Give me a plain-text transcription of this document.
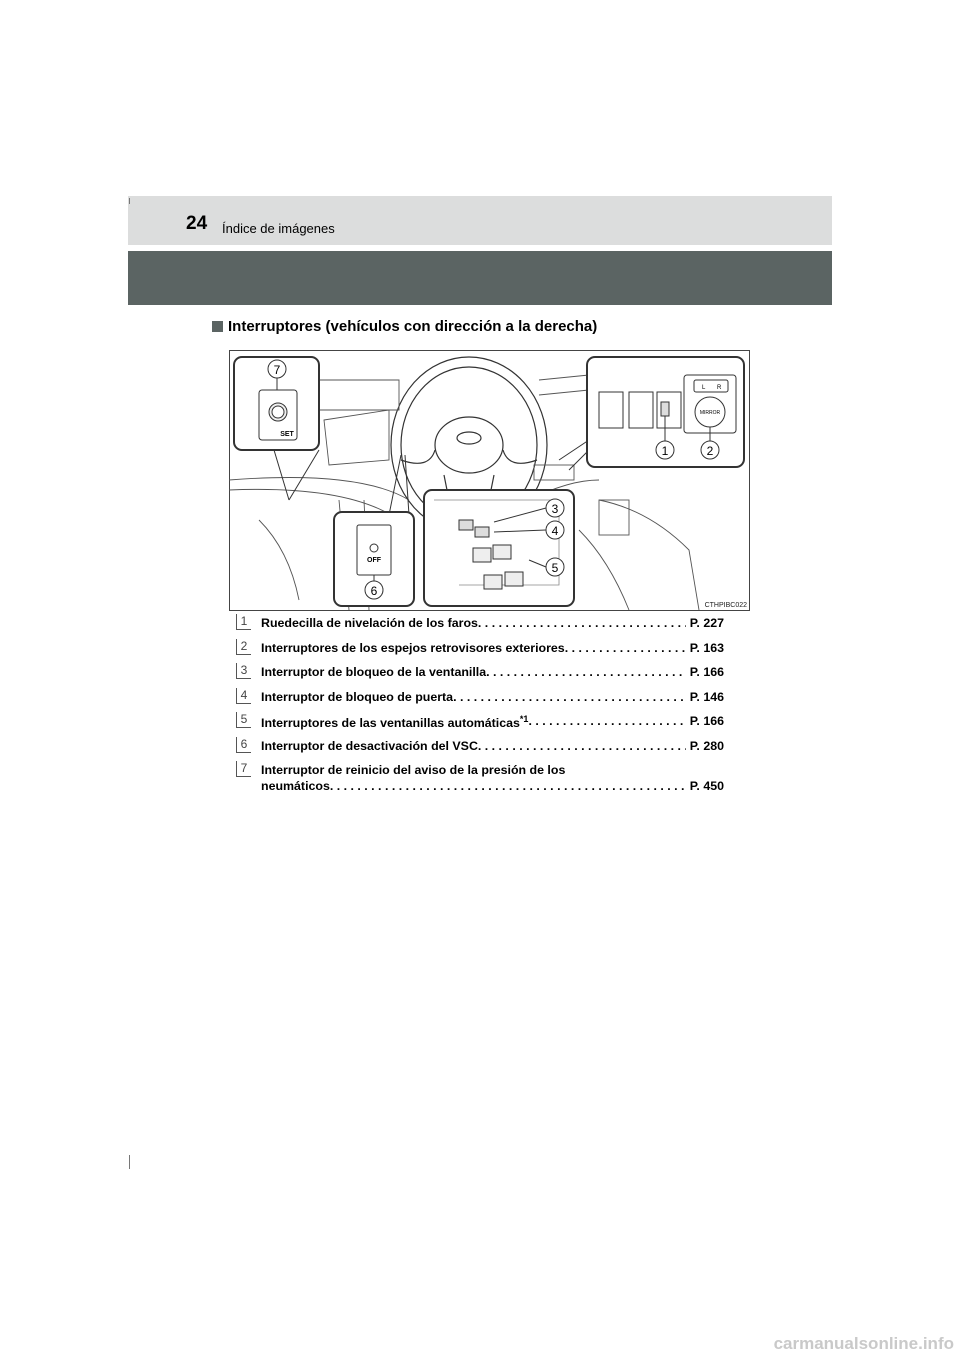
24 Índice de imágenes
Interruptores (vehículos con dirección a la derecha)
7
SET
L R
MIRROR
1	2
3
4
5
OFF
6
CTHPIBC022
1 Ruedecilla de nivelación de los faros . . .	P. 227
2 Interruptores de los espejos retrovisores exteriores . . .	P. 163
3 Interruptor de bloqueo de la ventanilla . . .	P. 166
4 Interruptor de bloqueo de puerta . . .	P. 146
5 Interruptores de las ventanillas automáticas$^{*1}$ . . .	P. 166
6 Interruptor de desactivación del VSC . . .	P. 280
7 Interruptor de reinicio del aviso de la presión de los
neumáticos . . .	P. 450
carmanualsonline.info
